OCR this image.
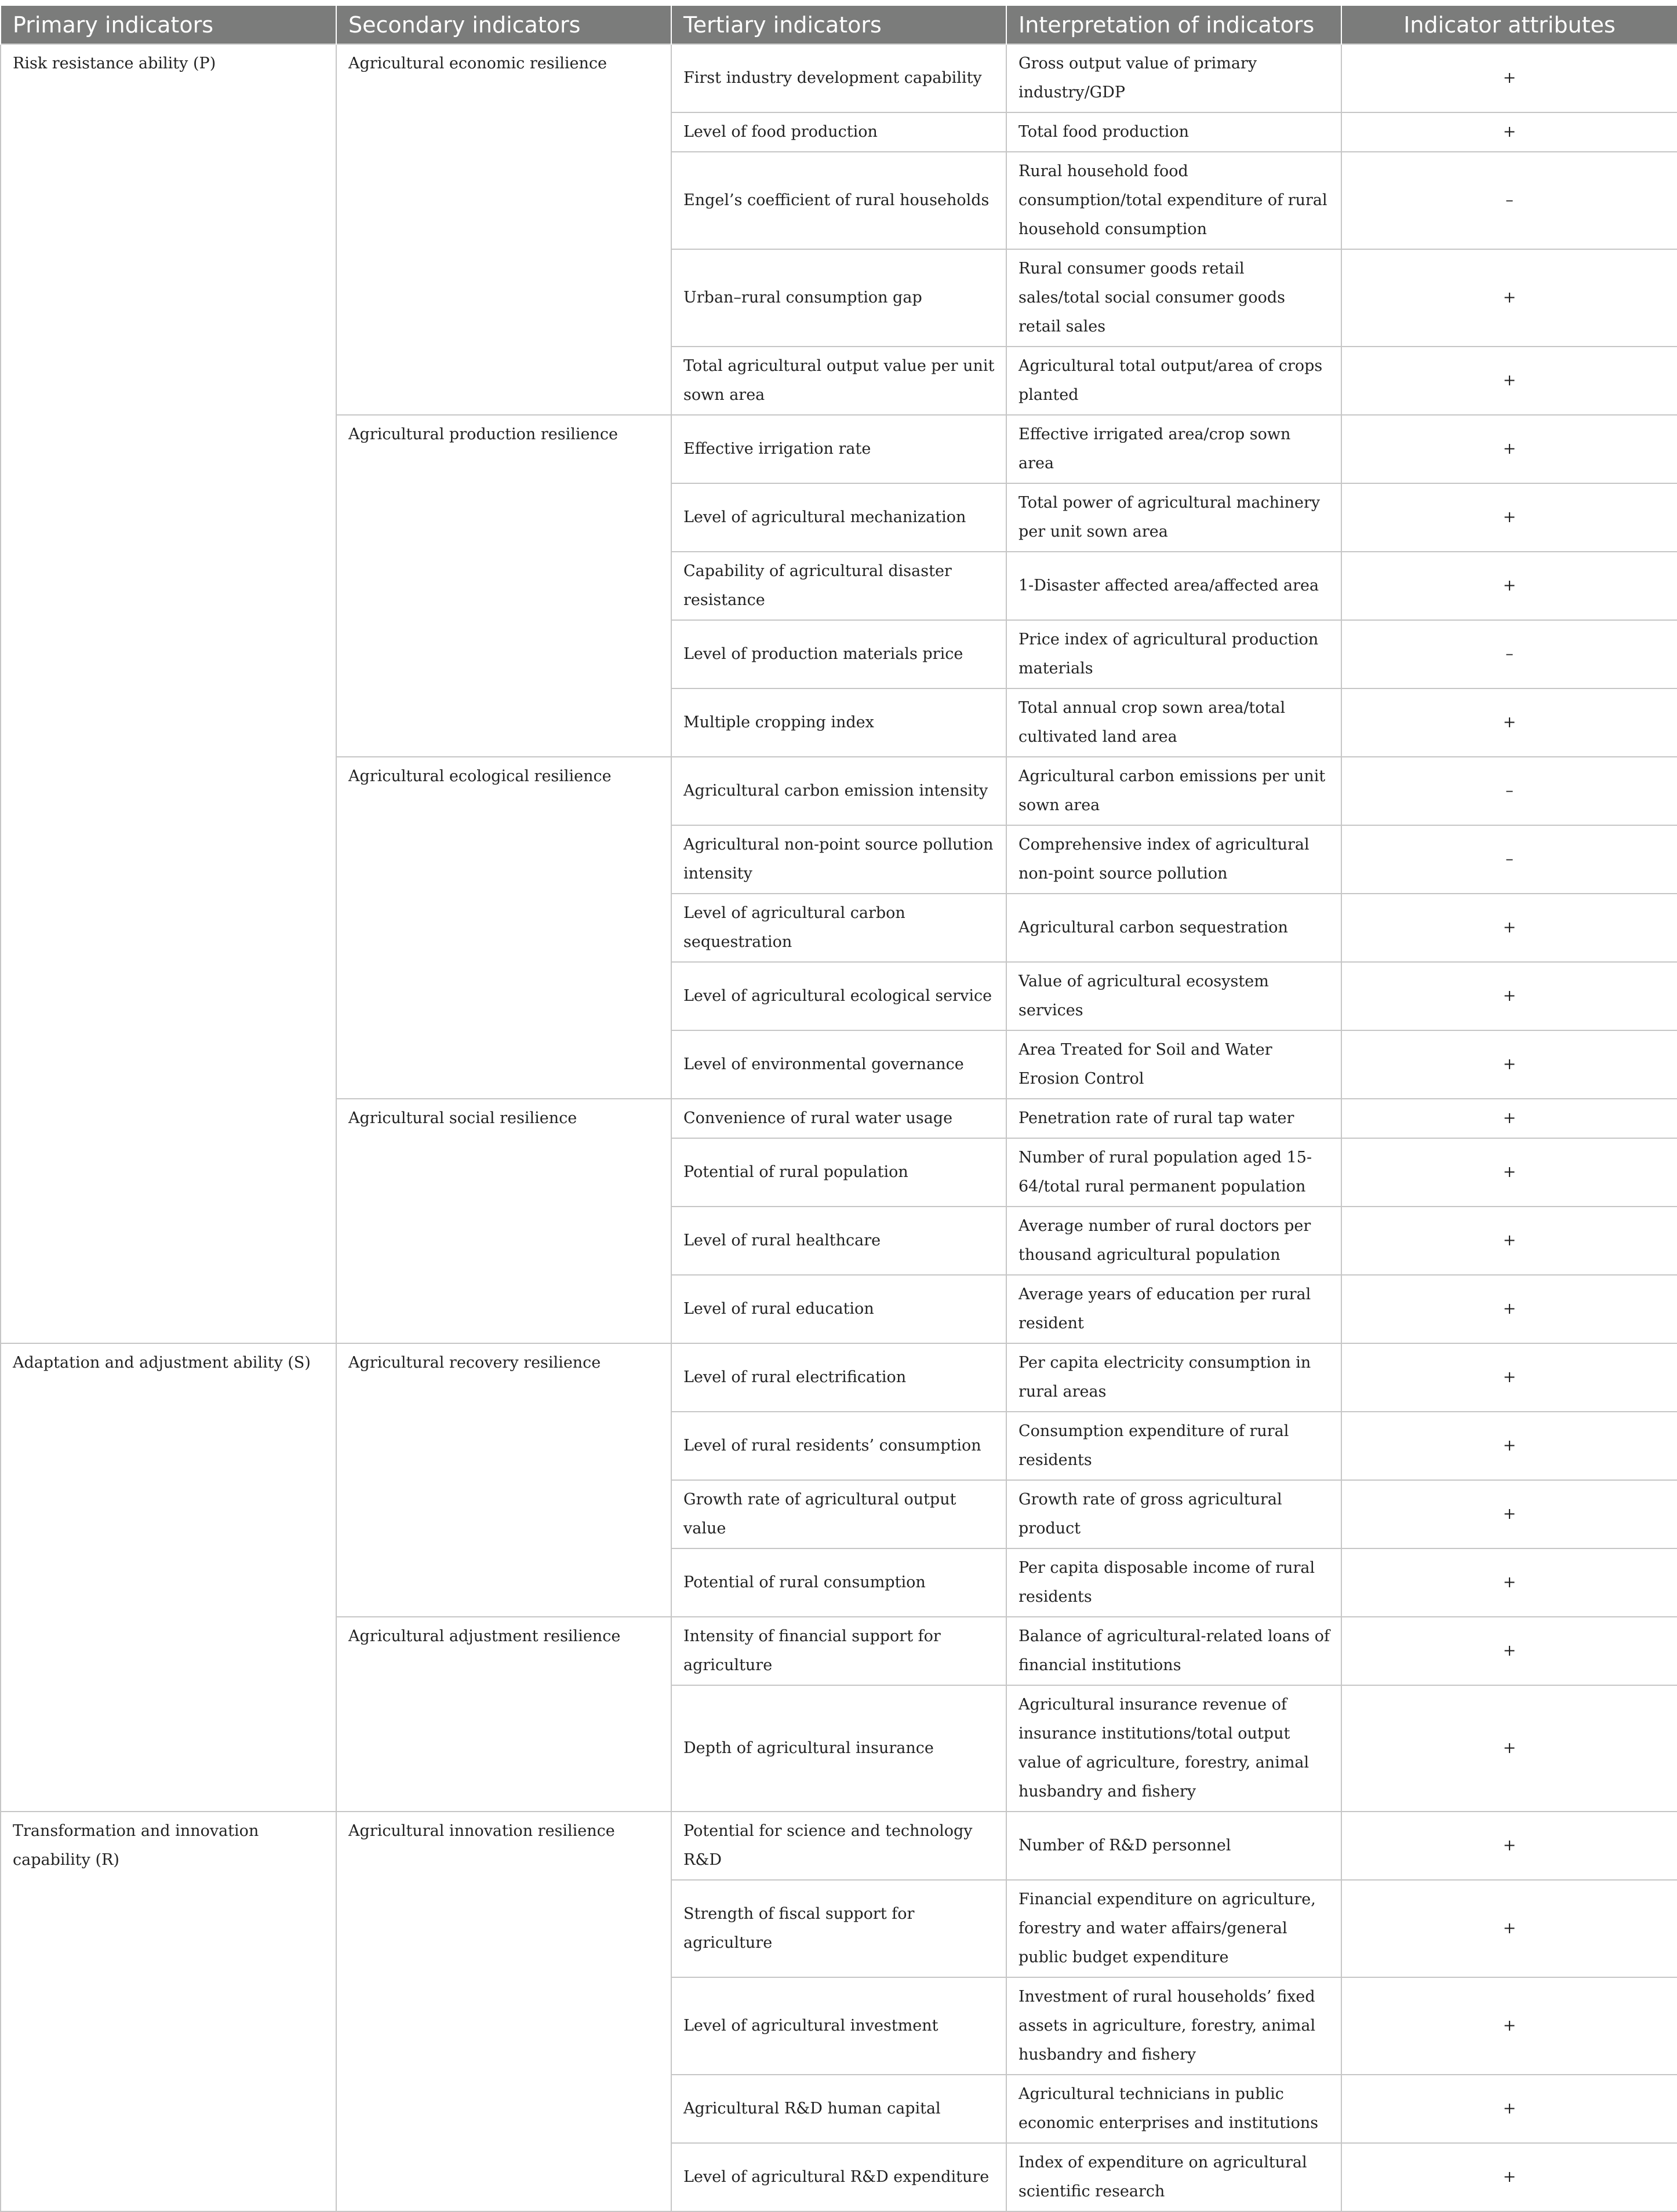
Primary indicators	Secondary indicators	Tertiary indicators	Interpretation of indicators	Indicator attributes
Risk resistance ability (P)	Agricultural economic resilience	First industry development capability	Gross output value of primary industry/GDP	+
		Level of food production	Total food production	+
		Engel’s coefficient of rural households	Rural household food consumption/total expenditure of rural household consumption	–
		Urban–rural consumption gap	Rural consumer goods retail sales/total social consumer goods retail sales	+
		Total agricultural output value per unit sown area	Agricultural total output/area of crops planted	+
	Agricultural production resilience	Effective irrigation rate	Effective irrigated area/crop sown area	+
		Level of agricultural mechanization	Total power of agricultural machinery per unit sown area	+
		Capability of agricultural disaster resistance	1-Disaster affected area/affected area	+
		Level of production materials price	Price index of agricultural production materials	–
		Multiple cropping index	Total annual crop sown area/total cultivated land area	+
	Agricultural ecological resilience	Agricultural carbon emission intensity	Agricultural carbon emissions per unit sown area	–
		Agricultural non-point source pollution intensity	Comprehensive index of agricultural non-point source pollution	–
		Level of agricultural carbon sequestration	Agricultural carbon sequestration	+
		Level of agricultural ecological service	Value of agricultural ecosystem services	+
		Level of environmental governance	Area Treated for Soil and Water Erosion Control	+
	Agricultural social resilience	Convenience of rural water usage	Penetration rate of rural tap water	+
		Potential of rural population	Number of rural population aged 15-64/total rural permanent population	+
		Level of rural healthcare	Average number of rural doctors per thousand agricultural population	+
		Level of rural education	Average years of education per rural resident	+
Adaptation and adjustment ability (S)	Agricultural recovery resilience	Level of rural electrification	Per capita electricity consumption in rural areas	+
		Level of rural residents’ consumption	Consumption expenditure of rural residents	+
		Growth rate of agricultural output value	Growth rate of gross agricultural product	+
		Potential of rural consumption	Per capita disposable income of rural residents	+
	Agricultural adjustment resilience	Intensity of financial support for agriculture	Balance of agricultural-related loans of financial institutions	+
		Depth of agricultural insurance	Agricultural insurance revenue of insurance institutions/total output value of agriculture, forestry, animal husbandry and fishery	+
Transformation and innovation capability (R)	Agricultural innovation resilience	Potential for science and technology R&D	Number of R&D personnel	+
		Strength of fiscal support for agriculture	Financial expenditure on agriculture, forestry and water affairs/general public budget expenditure	+
		Level of agricultural investment	Investment of rural households’ fixed assets in agriculture, forestry, animal husbandry and fishery	+
		Agricultural R&D human capital	Agricultural technicians in public economic enterprises and institutions	+
		Level of agricultural R&D expenditure	Index of expenditure on agricultural scientific research	+
